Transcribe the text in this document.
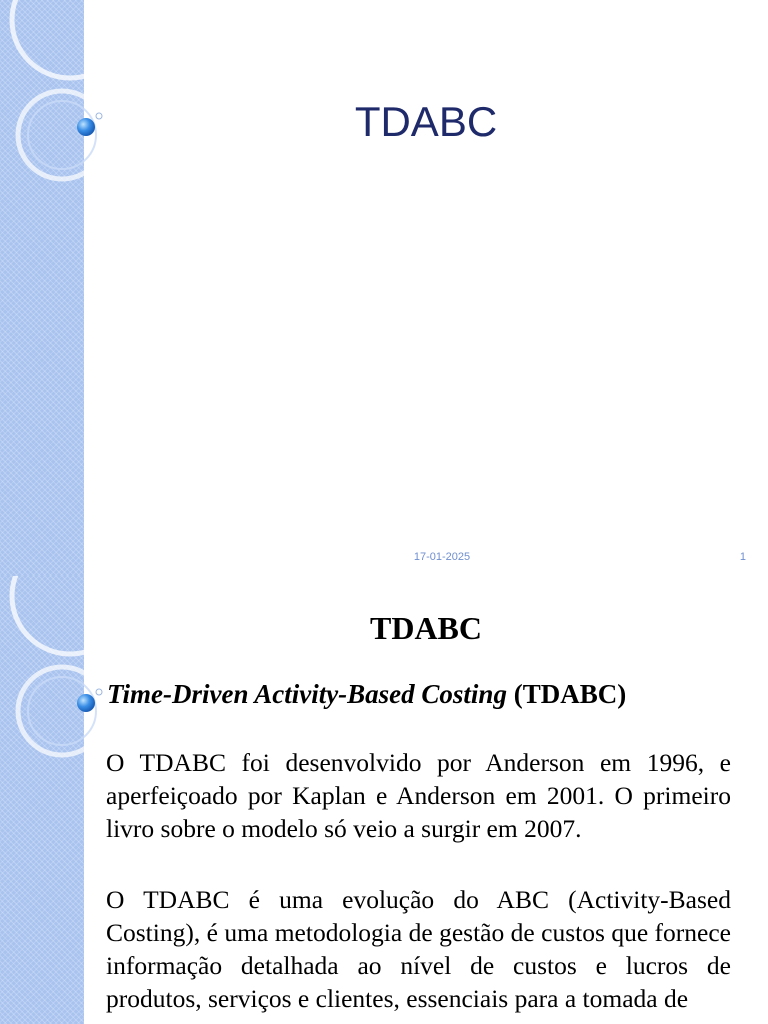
TDABC
17-01-2025	1
TDABC
Time-Driven Activity-Based Costing (TDABC)
O TDABC foi desenvolvido por Anderson em 1996, e aperfeiçoado por Kaplan e Anderson em 2001. O primeiro livro sobre o modelo só veio a surgir em 2007.
O TDABC é uma evolução do ABC (Activity-Based Costing), é uma metodologia de gestão de custos que fornece informação detalhada ao nível de custos e lucros de produtos, serviços e clientes, essenciais para a tomada de
